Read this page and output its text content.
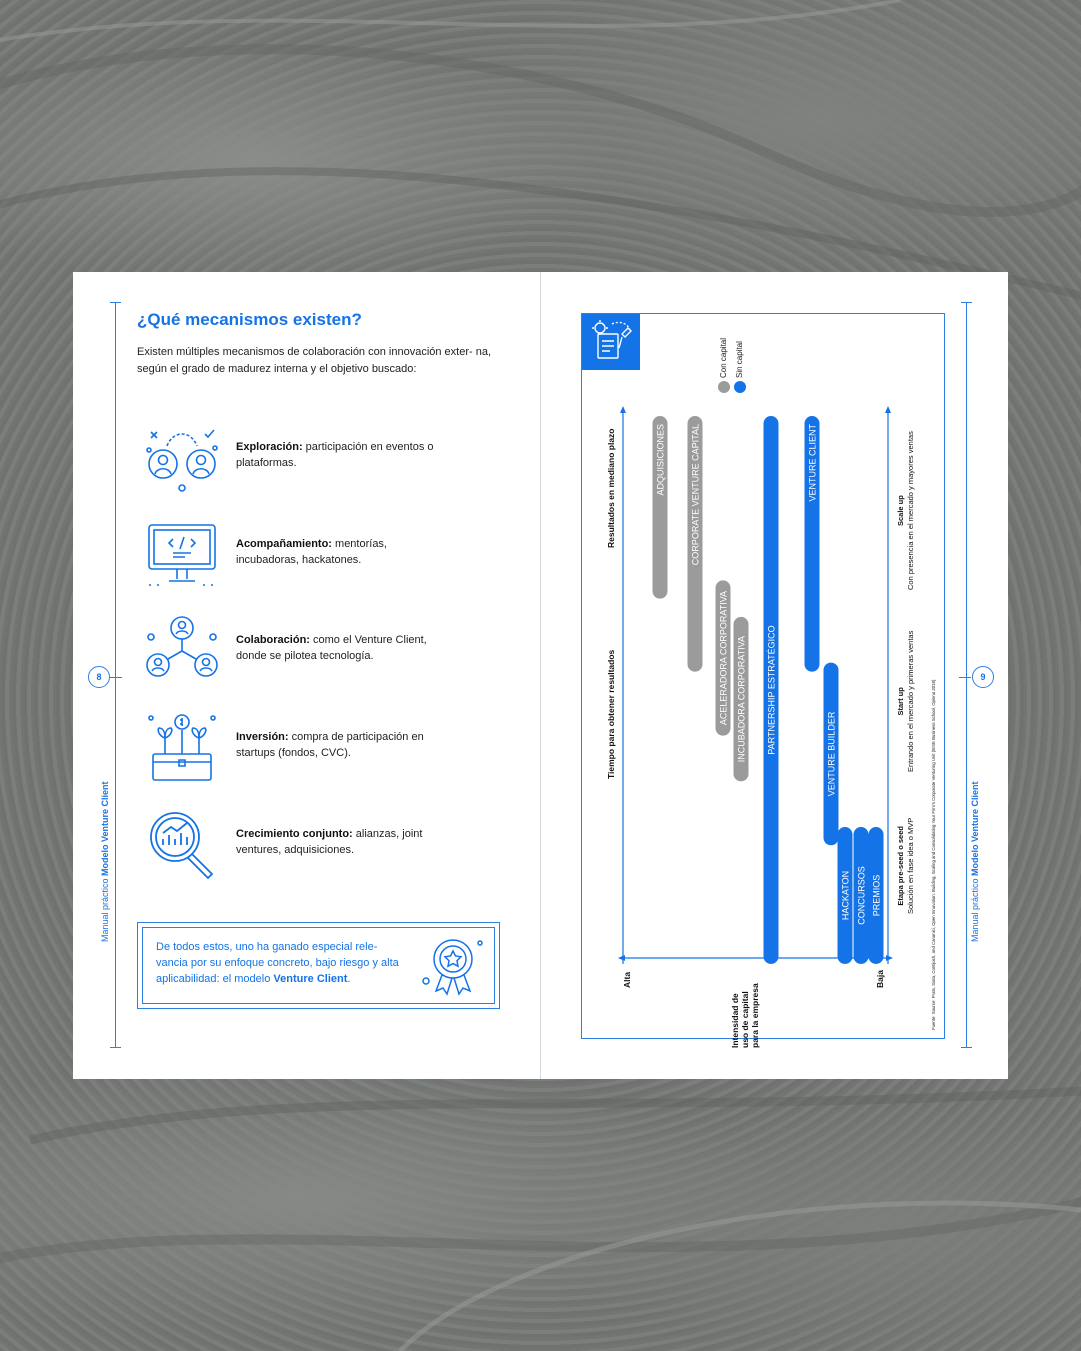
8
Manual práctico Modelo Venture Client
¿Qué mecanismos existen?

Existen múltiples mecanismos de colaboración con innovación exter- na, según el grado de madurez interna y el objetivo buscado:

Exploración: participación en eventos o plataformas.
Acompañamiento: mentorías, incubadoras, hackatones.
Colaboración: como el Venture Client, donde se pilotea tecnología.
Inversión: compra de participación en startups (fondos, CVC).
Crecimiento conjunto: alianzas, joint ventures, adquisiciones.
De todos estos, uno ha ganado especial rele- vancia por su enfoque concreto, bajo riesgo y alta aplicabilidad: el modelo Venture Client.
9
Manual práctico Modelo Venture Client
ADQUISICIONES	CORPORATE VENTURE CAPITAL
ACELERADORA CORPORATIVA INCUBADORA CORPORATIVA PARTNERSHIP ESTRATÉGICO
VENTURE CLIENT
VENTURE BUILDER
HACKATON CONCURSOS PREMIOS
Con capital Sin capital
Resultados en mediano plazo
Tiempo para obtener resultados
Alta	Baja
Intensidad de uso de capital para la empresa
Etapa pre-seed o seed Solución en fase idea o MVP
Start up Entrando en el mercado y primeras ventas
Scale up Con presencia en el mercado y mayores ventas
Fuente: Source: Prats, Siota, Contijoch, and Canonici, Open Innovation: Building, Scaling and Consolidating Your Firm's Corporate Venturing Unit (IESE Business School, Opinno 2018).
